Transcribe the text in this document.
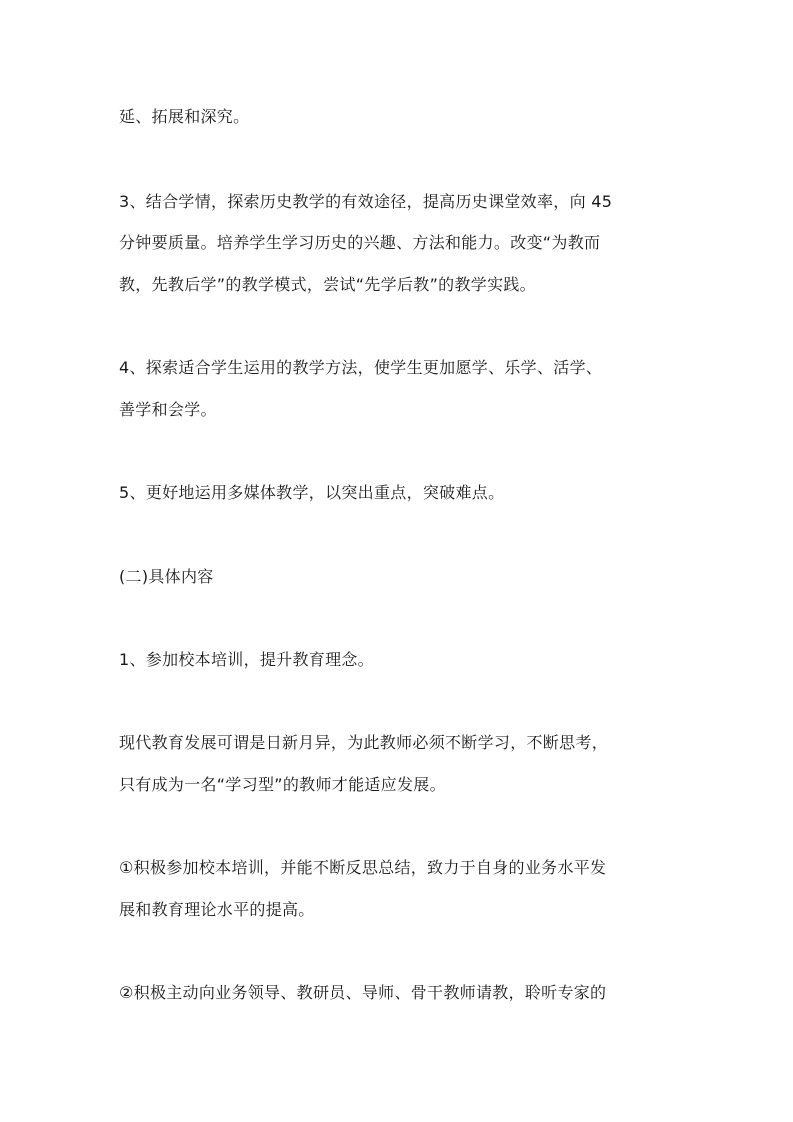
延、拓展和深究。

3、结合学情，探索历史教学的有效途径，提高历史课堂效率，向 45

分钟要质量。培养学生学习历史的兴趣、方法和能力。改变“为教而

教，先教后学”的教学模式，尝试“先学后教”的教学实践。

4、探索适合学生运用的教学方法，使学生更加愿学、乐学、活学、

善学和会学。

5、更好地运用多媒体教学，以突出重点，突破难点。

(二)具体内容

1、参加校本培训，提升教育理念。

现代教育发展可谓是日新月异，为此教师必须不断学习，不断思考，

只有成为一名“学习型”的教师才能适应发展。

①积极参加校本培训，并能不断反思总结，致力于自身的业务水平发

展和教育理论水平的提高。

②积极主动向业务领导、教研员、导师、骨干教师请教，聆听专家的
